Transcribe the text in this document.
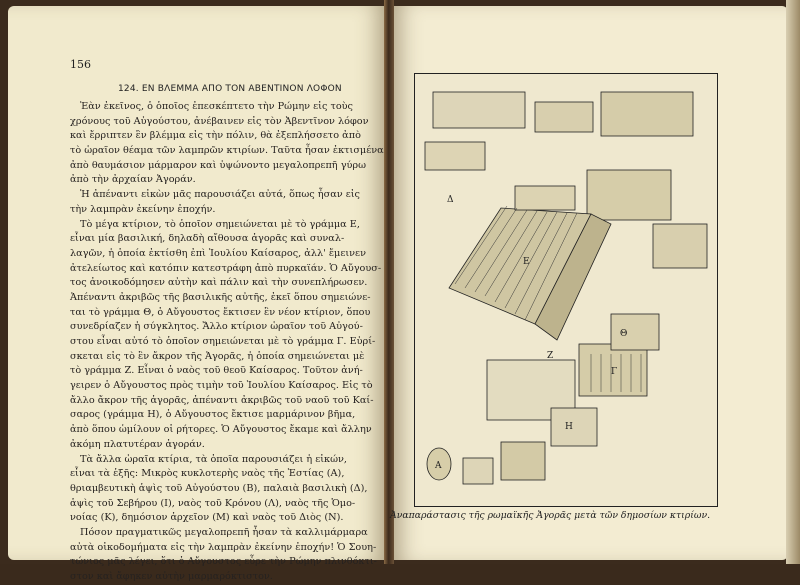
156
124. ΕΝ ΒΛΕΜΜΑ ΑΠΟ ΤΟΝ ΑΒΕΝΤΙΝΟΝ ΛΟΦΟΝ
Ἐὰν ἐκεῖνος, ὁ ὁποῖος ἐπεσκέπτετο τὴν Ρώμην εἰς τοὺς
χρόνους τοῦ Αὐγούστου, ἀνέβαινεν εἰς τὸν Ἀβεντῖνον λόφον
καὶ ἔρριπτεν ἓν βλέμμα εἰς τὴν πόλιν, θὰ ἐξεπλήσσετο ἀπὸ
τὸ ὡραῖον θέαμα τῶν λαμπρῶν κτιρίων. Ταῦτα ἦσαν ἐκτισμένα
ἀπὸ θαυμάσιον μάρμαρον καὶ ὑψώνοντο μεγαλοπρεπῆ γύρω
ἀπὸ τὴν ἀρχαίαν Ἀγοράν.
Ἡ ἀπέναντι εἰκὼν μᾶς παρουσιάζει αὐτά, ὅπως ἦσαν εἰς
τὴν λαμπρὰν ἐκείνην ἐποχήν.
Τὸ μέγα κτίριον, τὸ ὁποῖον σημειώνεται μὲ τὸ γράμμα Ε,
εἶναι μία βασιλική, δηλαδὴ αἴθουσα ἀγορᾶς καὶ συναλ-
λαγῶν, ἡ ὁποία ἐκτίσθη ἐπὶ Ἰουλίου Καίσαρος, ἀλλ' ἔμεινεν
ἀτελείωτος καὶ κατόπιν κατεστράφη ἀπὸ πυρκαϊάν. Ὁ Αὔγουσ-
τος ἀνοικοδόμησεν αὐτὴν καὶ πάλιν καὶ τὴν συνεπλήρωσεν.
Ἀπέναντι ἀκριβῶς τῆς βασιλικῆς αὐτῆς, ἐκεῖ ὅπου σημειώνε-
ται τὸ γράμμα Θ, ὁ Αὔγουστος ἔκτισεν ἓν νέον κτίριον, ὅπου
συνεδρίαζεν ἡ σύγκλητος. Ἄλλο κτίριον ὡραῖον τοῦ Αὐγού-
στου εἶναι αὐτό τὸ ὁποῖον σημειώνεται μὲ τὸ γράμμα Γ. Εὑρί-
σκεται εἰς τὸ ἓν ἄκρον τῆς Ἀγορᾶς, ἡ ὁποία σημειώνεται μὲ
τὸ γράμμα Ζ. Εἶναι ὁ ναὸς τοῦ θεοῦ Καίσαρος. Τοῦτον ἀνή-
γειρεν ὁ Αὔγουστος πρὸς τιμὴν τοῦ Ἰουλίου Καίσαρος. Εἰς τὸ
ἄλλο ἄκρον τῆς ἀγορᾶς, ἀπέναντι ἀκριβῶς τοῦ ναοῦ τοῦ Καί-
σαρος (γράμμα Η), ὁ Αὔγουστος ἔκτισε μαρμάρινον βῆμα,
ἀπὸ ὅπου ὡμίλουν οἱ ρήτορες. Ὁ Αὔγουστος ἔκαμε καὶ ἄλλην
ἀκόμη πλατυτέραν ἀγοράν.
Τὰ ἄλλα ὡραῖα κτίρια, τὰ ὁποῖα παρουσιάζει ἡ εἰκών,
εἶναι τὰ ἑξῆς: Μικρὸς κυκλοτερὴς ναὸς τῆς Ἑστίας (Α),
θριαμβευτικὴ ἁψὶς τοῦ Αὐγούστου (Β), παλαιὰ βασιλικὴ (Δ),
ἁψὶς τοῦ Σεβήρου (Ι), ναὸς τοῦ Κρόνου (Λ), ναὸς τῆς Ὁμο-
νοίας (Κ), δημόσιον ἀρχεῖον (Μ) καὶ ναὸς τοῦ Διὸς (Ν).
Πόσον πραγματικῶς μεγαλοπρεπῆ ἦσαν τὰ καλλιμάρμαρα
αὐτὰ οἰκοδομήματα εἰς τὴν λαμπρὰν ἐκείνην ἐποχήν! Ὁ Σουη-
τώνιος μᾶς λέγει, ὅτι ὁ Αὔγουστος εὗρε τὴν Ρώμην πλινθόκτι-
στον καὶ ἄφηκεν αὐτὴν μαρμαρόκτιστον.
Α
Ε
Ζ
Η
Θ
Γ
Δ
Ἀναπαράστασις τῆς ρωμαϊκῆς Ἀγορᾶς μετὰ τῶν δημοσίων κτιρίων.
